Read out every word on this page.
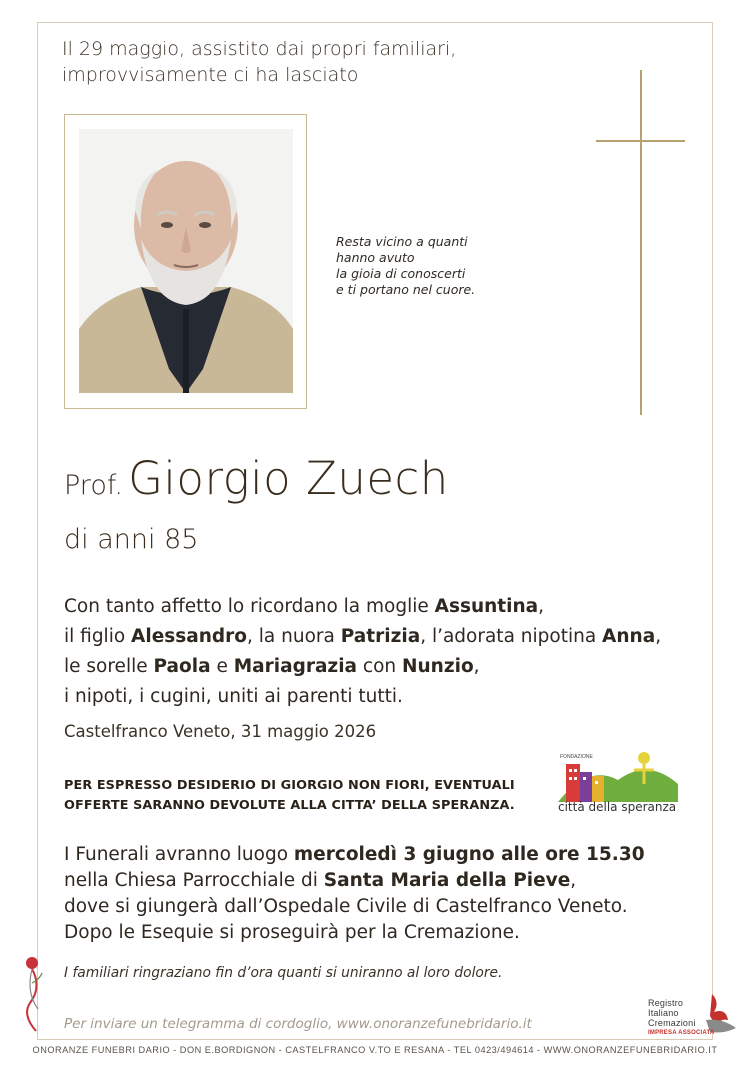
Il 29 maggio, assistito dai propri familiari,
improvvisamente ci ha lasciato
Resta vicino a quanti
hanno avuto
la gioia di conoscerti
e ti portano nel cuore.
Prof. Giorgio Zuech
di anni 85
Con tanto affetto lo ricordano la moglie Assuntina,
il figlio Alessandro, la nuora Patrizia, l’adorata nipotina Anna,
le sorelle Paola e Mariagrazia con Nunzio,
i nipoti, i cugini, uniti ai parenti tutti.
Castelfranco Veneto, 31 maggio 2026
PER ESPRESSO DESIDERIO DI GIORGIO NON FIORI, EVENTUALI
OFFERTE SARANNO DEVOLUTE ALLA CITTA’ DELLA SPERANZA.
FONDAZIONE
città della speranza
I Funerali avranno luogo mercoledì 3 giugno alle ore 15.30
nella Chiesa Parrocchiale di Santa Maria della Pieve,
dove si giungerà dall’Ospedale Civile di Castelfranco Veneto.
Dopo le Esequie si proseguirà per la Cremazione.
I familiari ringraziano fin d’ora quanti si uniranno al loro dolore.
Per inviare un telegramma di cordoglio, www.onoranzefunebridario.it
Registro
Italiano
Cremazioni
IMPRESA ASSOCIATA
ONORANZE FUNEBRI DARIO - DON E.BORDIGNON - CASTELFRANCO V.TO E RESANA - TEL 0423/494614 - WWW.ONORANZEFUNEBRIDARIO.IT
